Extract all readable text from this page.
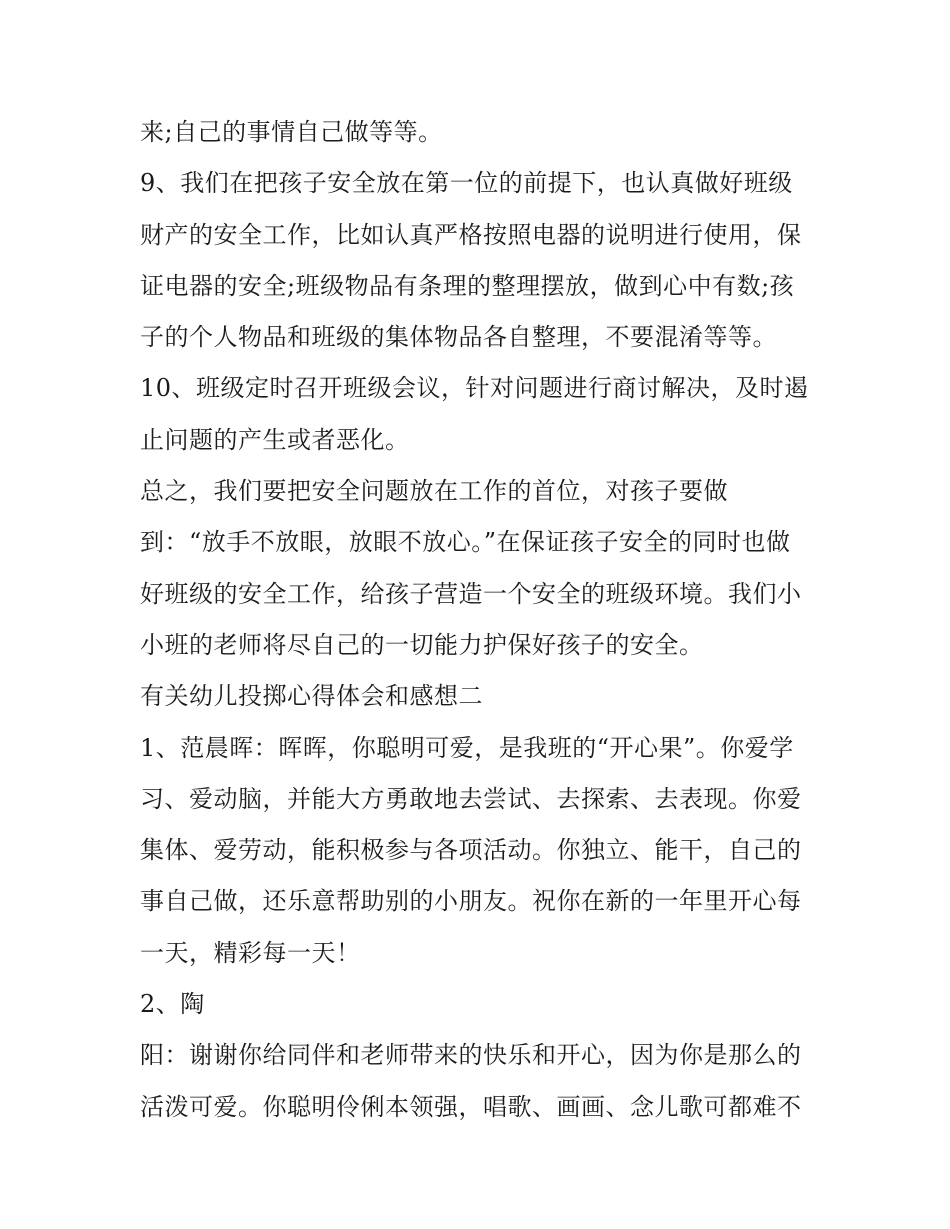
来;自己的事情自己做等等。
9、我们在把孩子安全放在第一位的前提下，也认真做好班级
财产的安全工作，比如认真严格按照电器的说明进行使用，保
证电器的安全;班级物品有条理的整理摆放，做到心中有数;孩
子的个人物品和班级的集体物品各自整理，不要混淆等等。
10、班级定时召开班级会议，针对问题进行商讨解决，及时遏
止问题的产生或者恶化。
总之，我们要把安全问题放在工作的首位，对孩子要做
到：“放手不放眼，放眼不放心。”在保证孩子安全的同时也做
好班级的安全工作，给孩子营造一个安全的班级环境。我们小
小班的老师将尽自己的一切能力护保好孩子的安全。
有关幼儿投掷心得体会和感想二
1、范晨晖：晖晖，你聪明可爱，是我班的“开心果”。你爱学
习、爱动脑，并能大方勇敢地去尝试、去探索、去表现。你爱
集体、爱劳动，能积极参与各项活动。你独立、能干，自己的
事自己做，还乐意帮助别的小朋友。祝你在新的一年里开心每
一天，精彩每一天！
2、陶
阳：谢谢你给同伴和老师带来的快乐和开心，因为你是那么的
活泼可爱。你聪明伶俐本领强，唱歌、画画、念儿歌可都难不
